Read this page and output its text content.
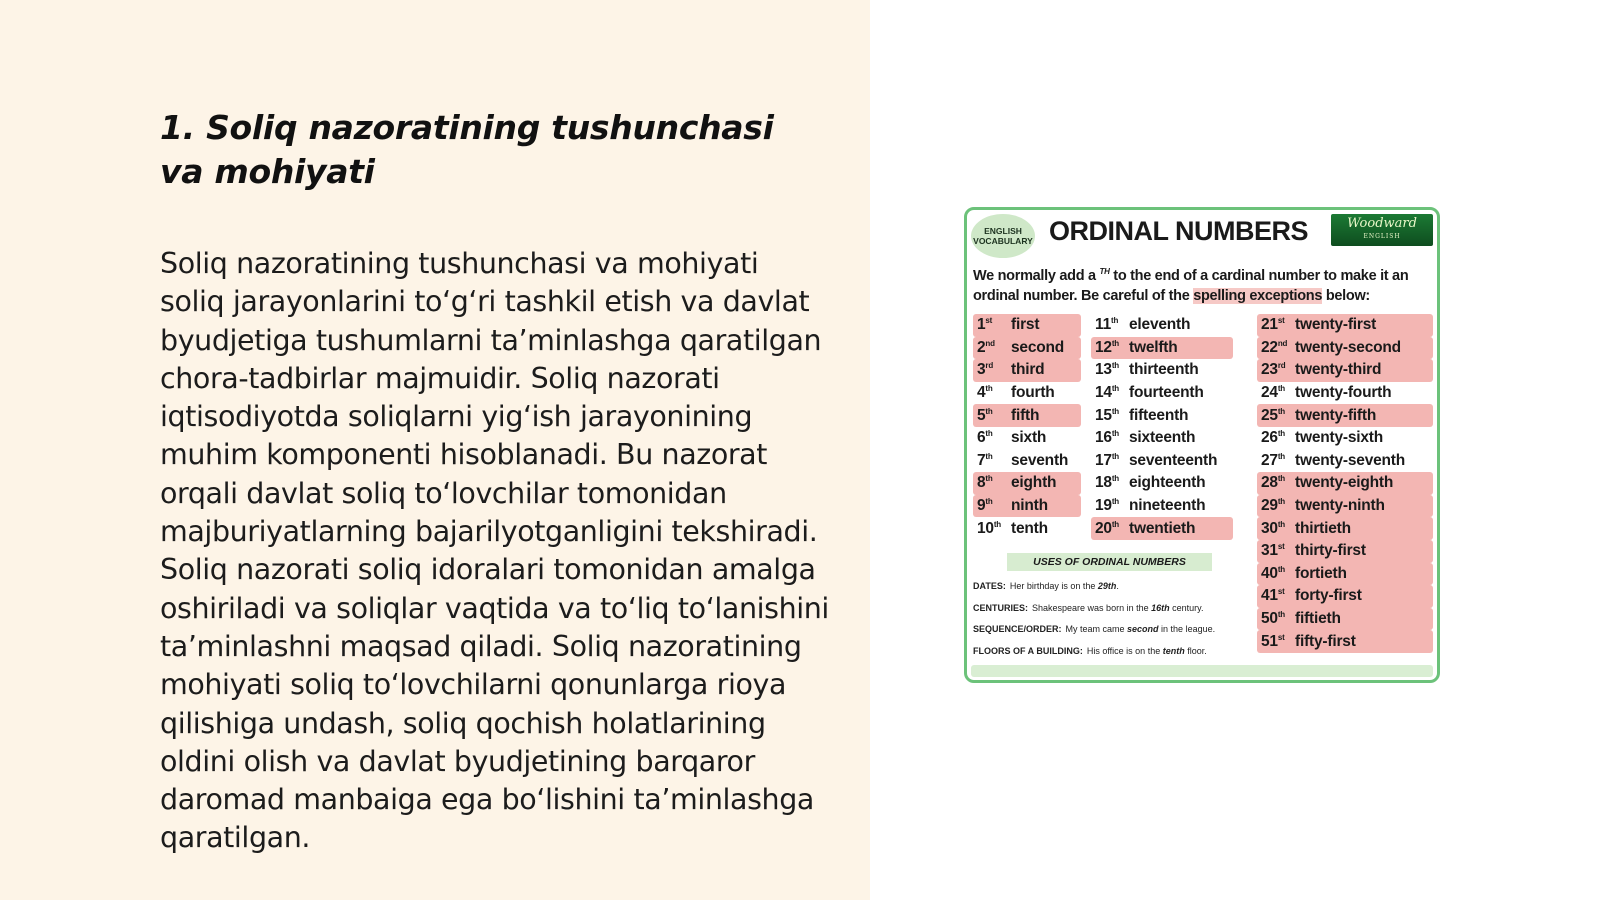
1. Soliq nazoratining tushunchasi va mohiyati

Soliq nazoratining tushunchasi va mohiyati soliq jarayonlarini to‘g‘ri tashkil etish va davlat byudjetiga tushumlarni ta’minlashga qaratilgan chora-tadbirlar majmuidir. Soliq nazorati iqtisodiyotda soliqlarni yig‘ish jarayonining muhim komponenti hisoblanadi. Bu nazorat orqali davlat soliq to‘lovchilar tomonidan majburiyatlarning bajarilyotganligini tekshiradi. Soliq nazorati soliq idoralari tomonidan amalga oshiriladi va soliqlar vaqtida va to‘liq to‘lanishini ta’minlashni maqsad qiladi. Soliq nazoratining mohiyati soliq to‘lovchilarni qonunlarga rioya qilishiga undash, soliq qochish holatlarining oldini olish va davlat byudjetining barqaror daromad manbaiga ega bo‘lishini ta’minlashga qaratilgan.

ENGLISH
VOCABULARY ORDINAL NUMBERS	Woodward
ENGLISH
We normally add a $^{TH}$ to the end of a cardinal number to make it an ordinal number. Be careful of the spelling exceptions below:
1st	first
2nd	second
3rd	third
4th	fourth
5th	fifth
6th	sixth
7th	seventh
8th	eighth
9th	ninth
10th tenth
11th eleventh
12th twelfth
13th thirteenth
14th fourteenth
15th fifteenth
16th sixteenth
17th seventeenth
18th eighteenth
19th nineteenth
20th twentieth
21st twenty-first
22nd twenty-second
23rd twenty-third
24th twenty-fourth
25th twenty-fifth
26th twenty-sixth
27th twenty-seventh
28th twenty-eighth
29th twenty-ninth
30th thirtieth
31st thirty-first
40th fortieth
41st forty-first
50th fiftieth
51st fifty-first
USES OF ORDINAL NUMBERS
DATES: Her birthday is on the 29th.
CENTURIES: Shakespeare was born in the 16th century.
SEQUENCE/ORDER: My team came second in the league.
FLOORS OF A BUILDING: His office is on the tenth floor.
